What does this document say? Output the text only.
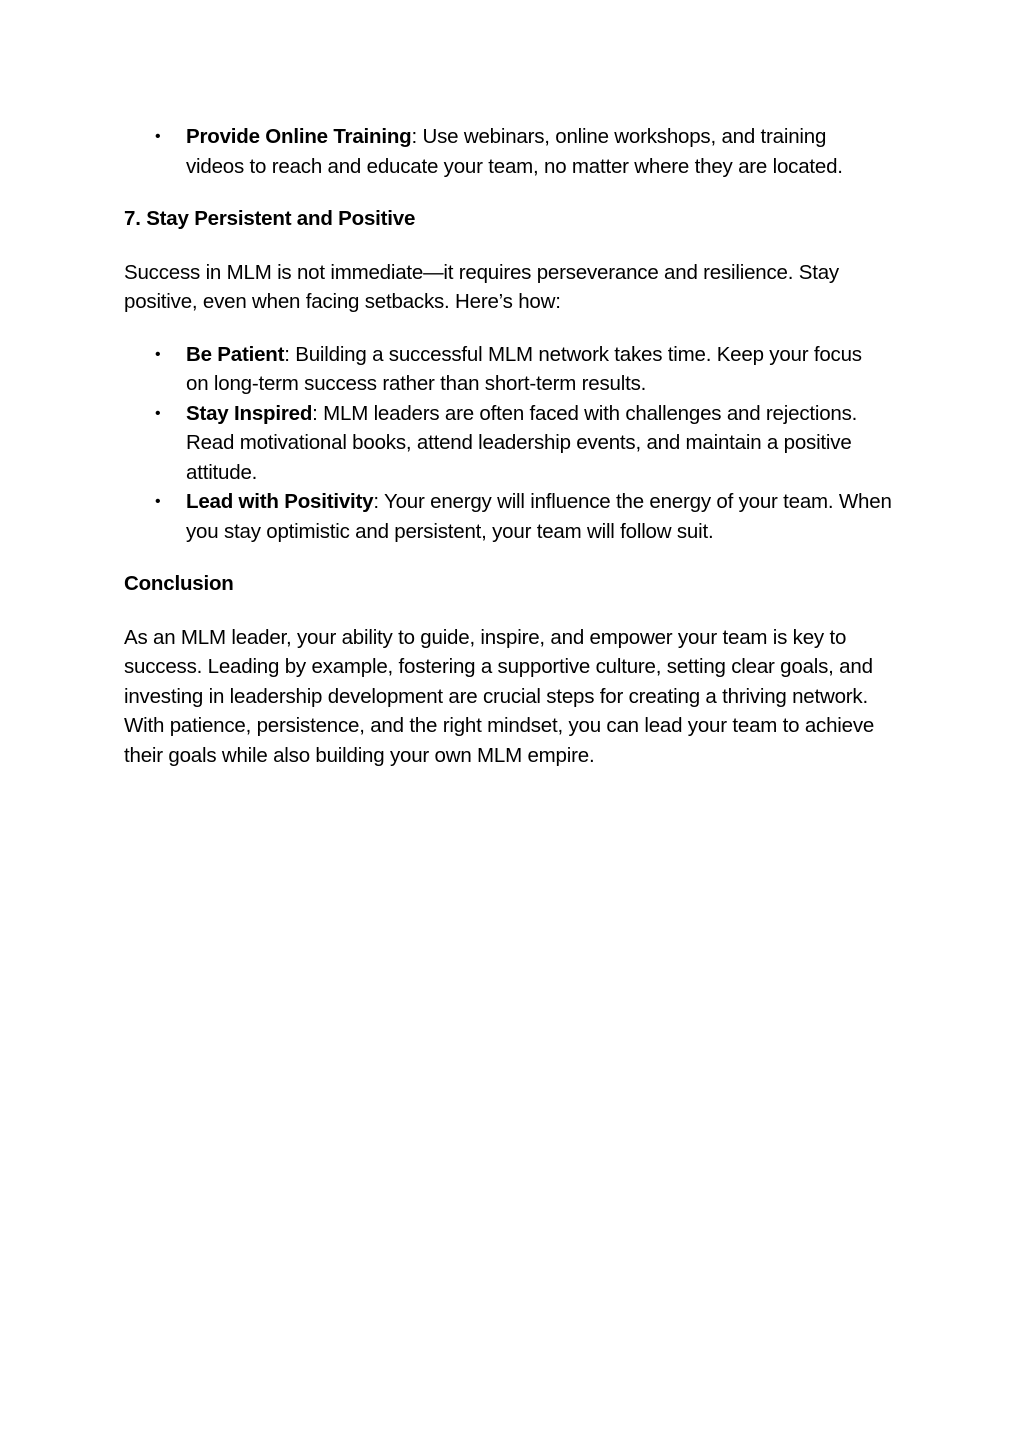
• Provide Online Training: Use webinars, online workshops, and training videos to reach and educate your team, no matter where they are located.

7. Stay Persistent and Positive

Success in MLM is not immediate—it requires perseverance and resilience. Stay positive, even when facing setbacks. Here’s how:

• Be Patient: Building a successful MLM network takes time. Keep your focus on long-term success rather than short-term results.
• Stay Inspired: MLM leaders are often faced with challenges and rejections. Read motivational books, attend leadership events, and maintain a positive attitude.
• Lead with Positivity: Your energy will influence the energy of your team. When you stay optimistic and persistent, your team will follow suit.

Conclusion

As an MLM leader, your ability to guide, inspire, and empower your team is key to success. Leading by example, fostering a supportive culture, setting clear goals, and investing in leadership development are crucial steps for creating a thriving network. With patience, persistence, and the right mindset, you can lead your team to achieve their goals while also building your own MLM empire.
